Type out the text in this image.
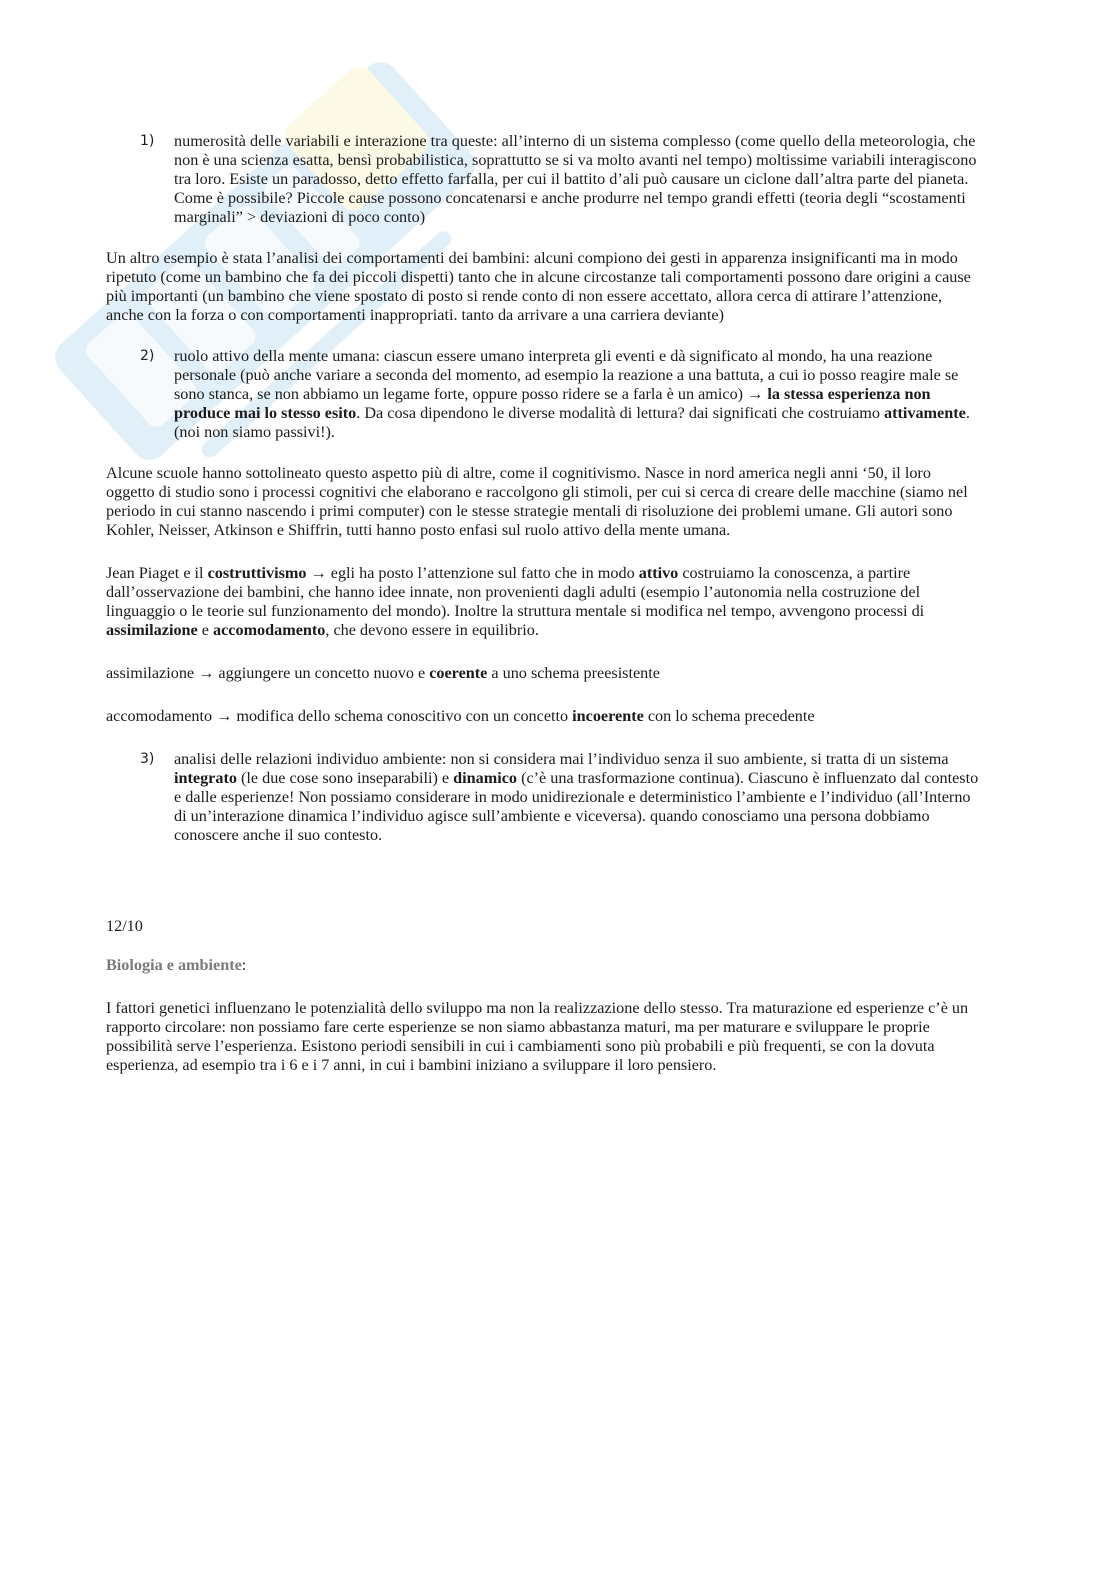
1) numerosità delle variabili e interazione tra queste: all’interno di un sistema complesso (come quello della meteorologia, che non è una scienza esatta, bensì probabilistica, soprattutto se si va molto avanti nel tempo) moltissime variabili interagiscono tra loro. Esiste un paradosso, detto effetto farfalla, per cui il battito d’ali può causare un ciclone dall’altra parte del pianeta. Come è possibile? Piccole cause possono concatenarsi e anche produrre nel tempo grandi effetti (teoria degli “scostamenti marginali” > deviazioni di poco conto)

Un altro esempio è stata l’analisi dei comportamenti dei bambini: alcuni compiono dei gesti in apparenza insignificanti ma in modo ripetuto (come un bambino che fa dei piccoli dispetti) tanto che in alcune circostanze tali comportamenti possono dare origini a cause più importanti (un bambino che viene spostato di posto si rende conto di non essere accettato, allora cerca di attirare l’attenzione, anche con la forza o con comportamenti inappropriati. tanto da arrivare a una carriera deviante)

2) ruolo attivo della mente umana: ciascun essere umano interpreta gli eventi e dà significato al mondo, ha una reazione personale (può anche variare a seconda del momento, ad esempio la reazione a una battuta, a cui io posso reagire male se sono stanca, se non abbiamo un legame forte, oppure posso ridere se a farla è un amico) → la stessa esperienza non produce mai lo stesso esito. Da cosa dipendono le diverse modalità di lettura? dai significati che costruiamo attivamente. (noi non siamo passivi!).

Alcune scuole hanno sottolineato questo aspetto più di altre, come il cognitivismo. Nasce in nord america negli anni ‘50, il loro oggetto di studio sono i processi cognitivi che elaborano e raccolgono gli stimoli, per cui si cerca di creare delle macchine (siamo nel periodo in cui stanno nascendo i primi computer) con le stesse strategie mentali di risoluzione dei problemi umane. Gli autori sono Kohler, Neisser, Atkinson e Shiffrin, tutti hanno posto enfasi sul ruolo attivo della mente umana.

Jean Piaget e il costruttivismo → egli ha posto l’attenzione sul fatto che in modo attivo costruiamo la conoscenza, a partire dall’osservazione dei bambini, che hanno idee innate, non provenienti dagli adulti (esempio l’autonomia nella costruzione del linguaggio o le teorie sul funzionamento del mondo). Inoltre la struttura mentale si modifica nel tempo, avvengono processi di assimilazione e accomodamento, che devono essere in equilibrio.

assimilazione → aggiungere un concetto nuovo e coerente a uno schema preesistente

accomodamento → modifica dello schema conoscitivo con un concetto incoerente con lo schema precedente

3) analisi delle relazioni individuo ambiente: non si considera mai l’individuo senza il suo ambiente, si tratta di un sistema integrato (le due cose sono inseparabili) e dinamico (c’è una trasformazione continua). Ciascuno è influenzato dal contesto e dalle esperienze! Non possiamo considerare in modo unidirezionale e deterministico l’ambiente e l’individuo (all’Interno di un’interazione dinamica l’individuo agisce sull’ambiente e viceversa). quando conosciamo una persona dobbiamo conoscere anche il suo contesto.

12/10

Biologia e ambiente:

I fattori genetici influenzano le potenzialità dello sviluppo ma non la realizzazione dello stesso. Tra maturazione ed esperienze c’è un rapporto circolare: non possiamo fare certe esperienze se non siamo abbastanza maturi, ma per maturare e sviluppare le proprie possibilità serve l’esperienza. Esistono periodi sensibili in cui i cambiamenti sono più probabili e più frequenti, se con la dovuta esperienza, ad esempio tra i 6 e i 7 anni, in cui i bambini iniziano a sviluppare il loro pensiero.
